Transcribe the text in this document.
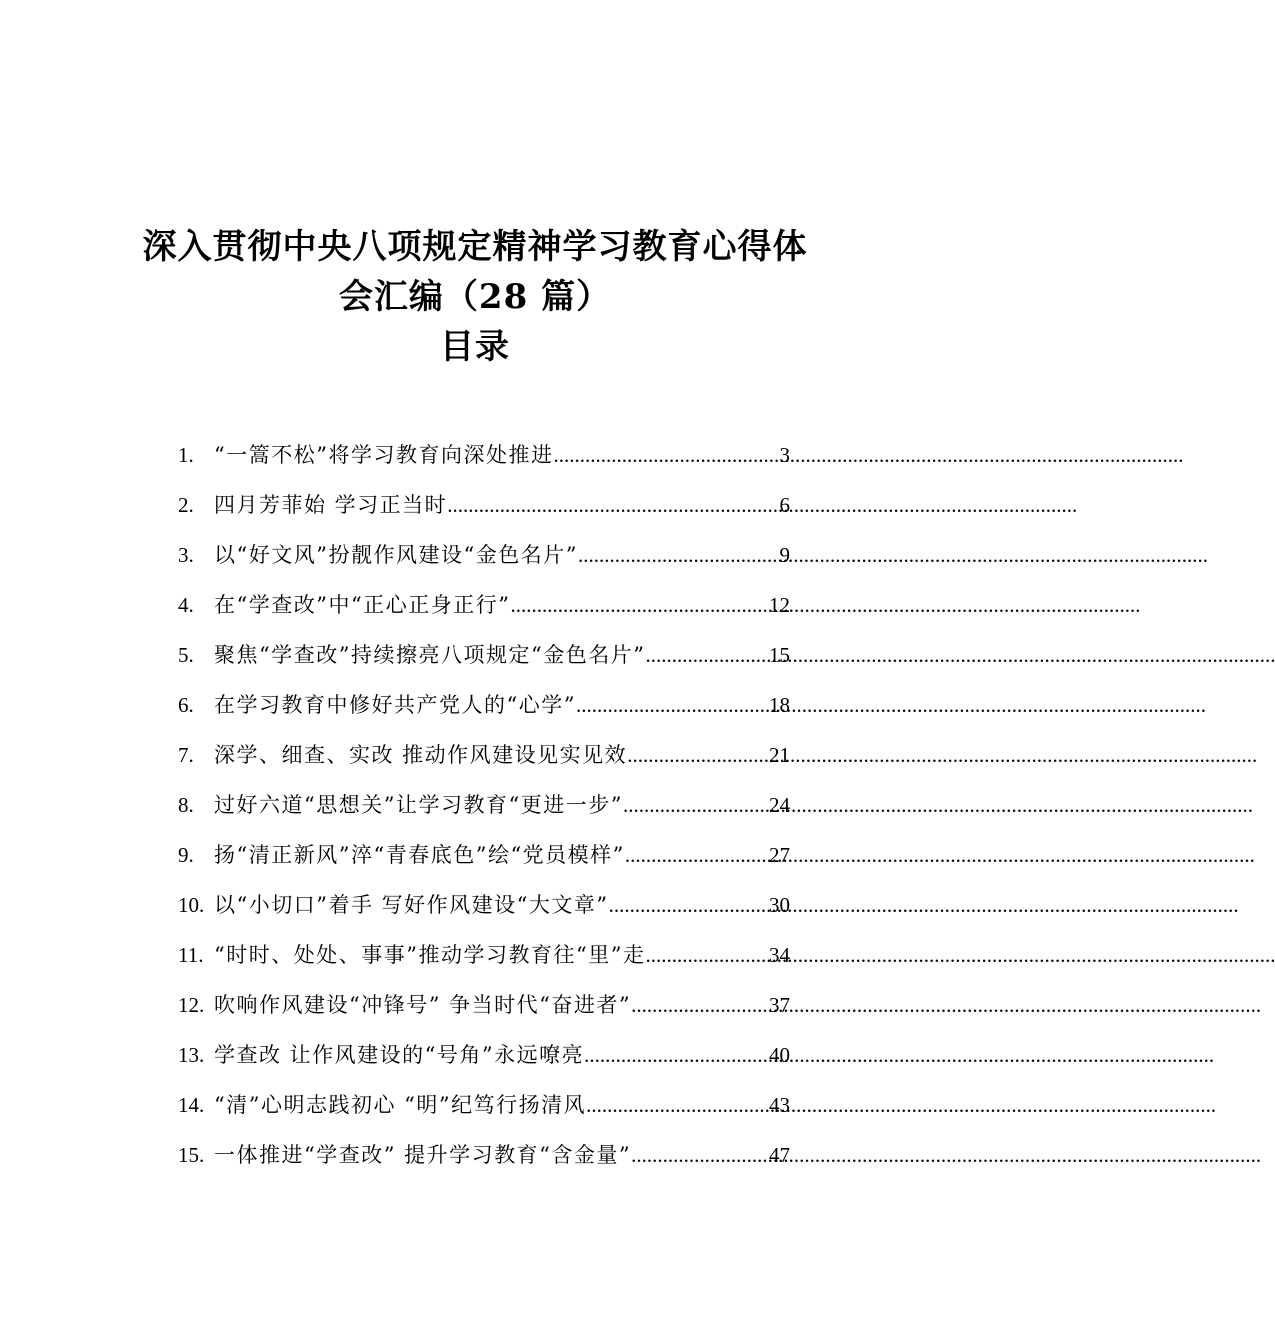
深入贯彻中央八项规定精神学习教育心得体
会汇编（28 篇）
目录
1. “一篙不松”将学习教育向深处推进 .....	3
2. 四月芳菲始 学习正当时 .....	6
3. 以“好文风”扮靓作风建设“金色名片” .....	9
4. 在“学查改”中“正心正身正行” .....	12
5. 聚焦“学查改”持续擦亮八项规定“金色名片” .....	15
6. 在学习教育中修好共产党人的“心学” .....	18
7. 深学、细查、实改 推动作风建设见实见效 .....	21
8. 过好六道“思想关”让学习教育“更进一步” .....	24
9. 扬“清正新风”淬“青春底色”绘“党员模样” .....	27
10. 以“小切口”着手 写好作风建设“大文章” .....	30
11. “时时、处处、事事”推动学习教育往“里”走 .....	34
12. 吹响作风建设“冲锋号” 争当时代“奋进者” .....	37
13. 学查改 让作风建设的“号角”永远嘹亮 .....	40
14. “清”心明志践初心 “明”纪笃行扬清风 .....	43
15. 一体推进“学查改” 提升学习教育“含金量” .....	47
